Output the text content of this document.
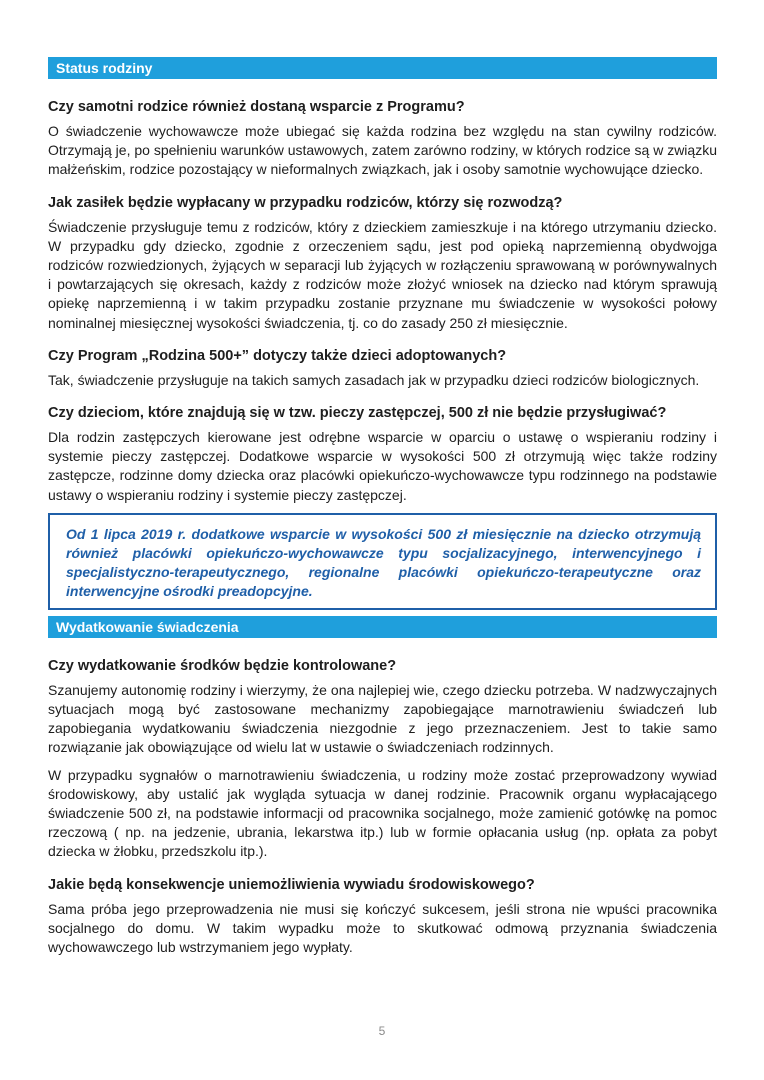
Status rodziny
Czy samotni rodzice również dostaną wsparcie z Programu?

O świadczenie wychowawcze może ubiegać się każda rodzina bez względu na stan cywilny rodziców. Otrzymają je, po spełnieniu warunków ustawowych, zatem zarówno rodziny, w których rodzice są w związku małżeńskim, rodzice pozostający w nieformalnych związkach, jak i osoby samotnie wychowujące dziecko.

Jak zasiłek będzie wypłacany w przypadku rodziców, którzy się rozwodzą?

Świadczenie przysługuje temu z rodziców, który z dzieckiem zamieszkuje i na którego utrzymaniu dziecko. W przypadku gdy dziecko, zgodnie z orzeczeniem sądu, jest pod opieką naprzemienną obydwojga rodziców rozwiedzionych, żyjących w separacji lub żyjących w rozłączeniu sprawowaną w porównywalnych i powtarzających się okresach, każdy z rodziców może złożyć wniosek na dziecko nad którym sprawują opiekę naprzemienną i w takim przypadku zostanie przyznane mu świadczenie w wysokości połowy nominalnej miesięcznej wysokości świadczenia, tj. co do zasady 250 zł miesięcznie.

Czy Program „Rodzina 500+” dotyczy także dzieci adoptowanych?

Tak, świadczenie przysługuje na takich samych zasadach jak w przypadku dzieci rodziców biologicznych.

Czy dzieciom, które znajdują się w tzw. pieczy zastępczej, 500 zł nie będzie przysługiwać?

Dla rodzin zastępczych kierowane jest odrębne wsparcie w oparciu o ustawę o wspieraniu rodziny i systemie pieczy zastępczej. Dodatkowe wsparcie w wysokości 500 zł otrzymują więc także rodziny zastępcze, rodzinne domy dziecka oraz placówki opiekuńczo-wychowawcze typu rodzinnego na podstawie ustawy o wspieraniu rodziny i systemie pieczy zastępczej.

Od 1 lipca 2019 r. dodatkowe wsparcie w wysokości 500 zł miesięcznie na dziecko otrzymują również placówki opiekuńczo-wychowawcze typu socjalizacyjnego, interwencyjnego i specjalistyczno-terapeutycznego, regionalne placówki opiekuńczo-terapeutyczne oraz interwencyjne ośrodki preadopcyjne.

Wydatkowanie świadczenia
Czy wydatkowanie środków będzie kontrolowane?

Szanujemy autonomię rodziny i wierzymy, że ona najlepiej wie, czego dziecku potrzeba. W nadzwyczajnych sytuacjach mogą być zastosowane mechanizmy zapobiegające marnotrawieniu świadczeń lub zapobiegania wydatkowaniu świadczenia niezgodnie z jego przeznaczeniem. Jest to takie samo rozwiązanie jak obowiązujące od wielu lat w ustawie o świadczeniach rodzinnych.

W przypadku sygnałów o marnotrawieniu świadczenia, u rodziny może zostać przeprowadzony wywiad środowiskowy, aby ustalić jak wygląda sytuacja w danej rodzinie. Pracownik organu wypłacającego świadczenie 500 zł, na podstawie informacji od pracownika socjalnego, może zamienić gotówkę na pomoc rzeczową ( np. na jedzenie, ubrania, lekarstwa itp.) lub w formie opłacania usług (np. opłata za pobyt dziecka w żłobku, przedszkolu itp.).

Jakie będą konsekwencje uniemożliwienia wywiadu środowiskowego?

Sama próba jego przeprowadzenia nie musi się kończyć sukcesem, jeśli strona nie wpuści pracownika socjalnego do domu. W takim wypadku może to skutkować odmową przyznania świadczenia wychowawczego lub wstrzymaniem jego wypłaty.

5
